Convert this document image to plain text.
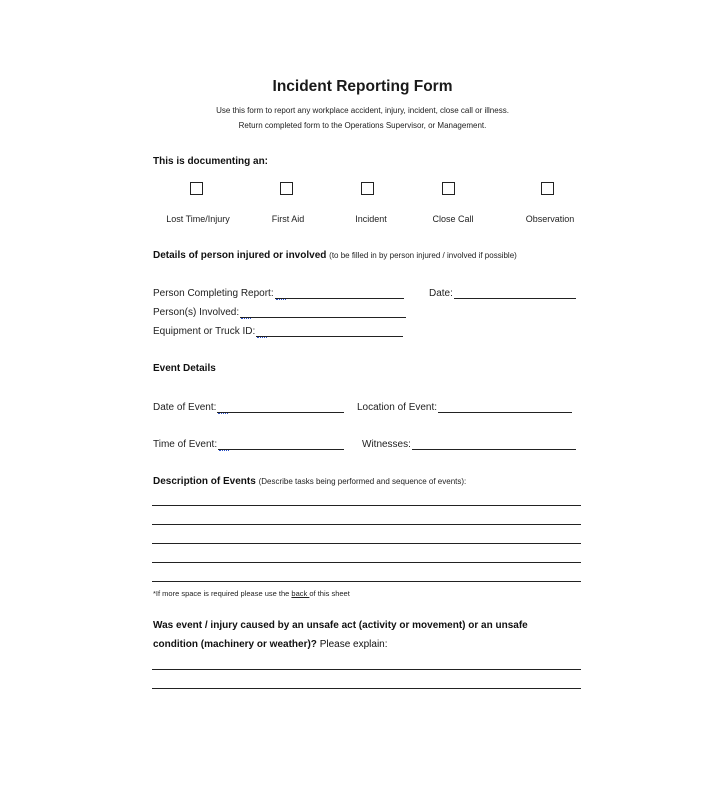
Incident Reporting Form
Use this form to report any workplace accident, injury, incident, close call or illness.
Return completed form to the Operations Supervisor, or Management.
This is documenting an:
Lost Time/Injury	First Aid	Incident	Close Call	Observation
Details of person injured or involved (to be filled in by person injured / involved if possible)
Person Completing Report:	Date:
Person(s) Involved:
Equipment or Truck ID:
Event Details
Date of Event:	Location of Event:
Time of Event:	Witnesses:
Description of Events (Describe tasks being performed and sequence of events):
*If more space is required please use the back of this sheet
Was event / injury caused by an unsafe act (activity or movement) or an unsafe
condition (machinery or weather)? Please explain:
